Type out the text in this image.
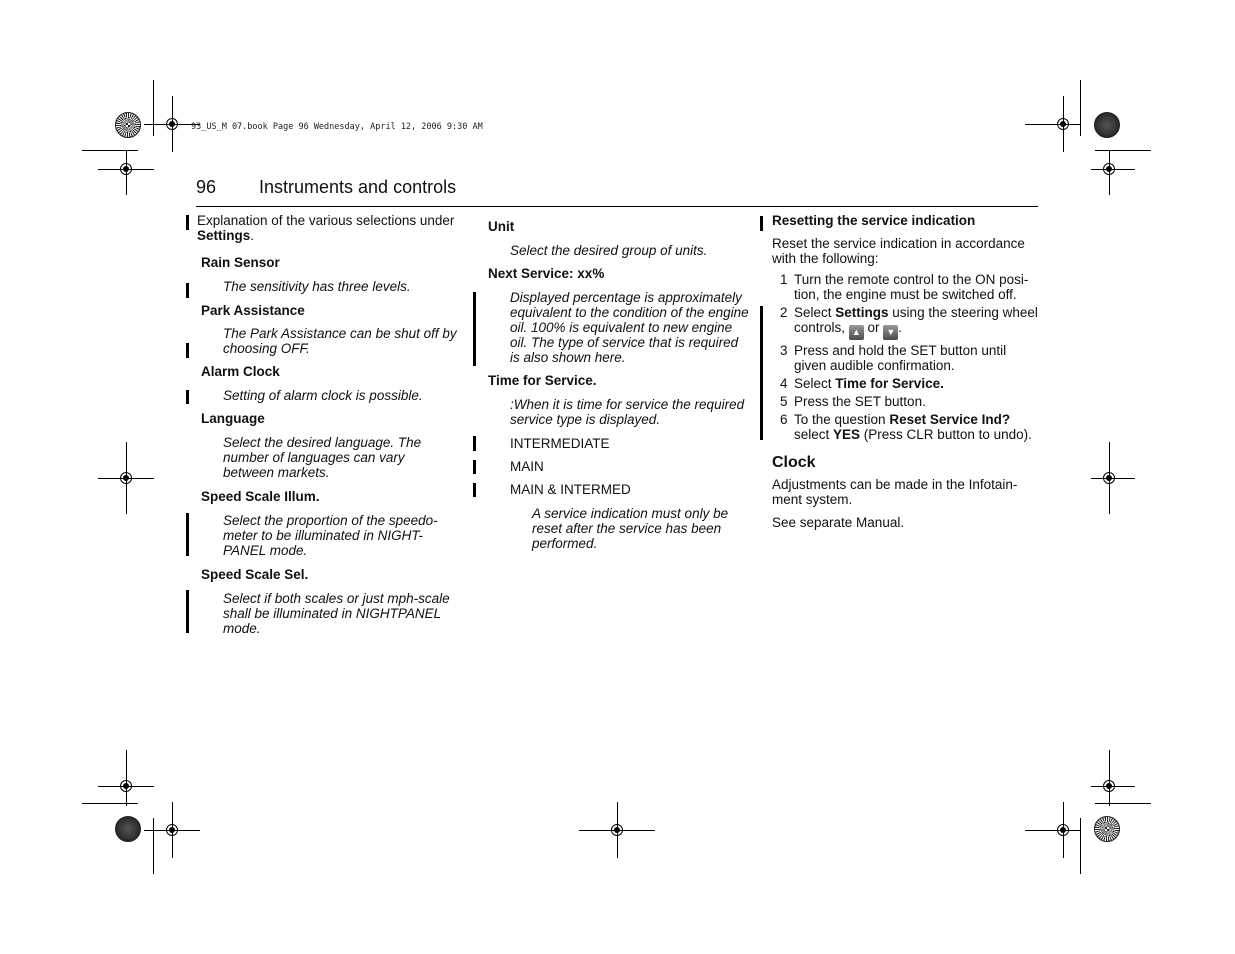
93_US_M 07.book Page 96 Wednesday, April 12, 2006 9:30 AM
96 Instruments and controls

Explanation of the various selections under Settings.

Rain Sensor

The sensitivity has three levels.

Park Assistance

The Park Assistance can be shut off by choosing OFF.

Alarm Clock

Setting of alarm clock is possible.

Language

Select the desired language. The number of languages can vary between markets.

Speed Scale Illum.

Select the proportion of the speedo-meter to be illuminated in NIGHT-PANEL mode.

Speed Scale Sel.

Select if both scales or just mph-scale shall be illuminated in NIGHTPANEL mode.

Unit

Select the desired group of units.

Next Service: xx%

Displayed percentage is approximately equivalent to the condition of the engine oil. 100% is equivalent to new engine oil. The type of service that is required is also shown here.

Time for Service.

:When it is time for service the required service type is displayed.

INTERMEDIATE

MAIN

MAIN & INTERMED

A service indication must only be reset after the service has been performed.

Resetting the service indication

Reset the service indication in accordance with the following:

1 Turn the remote control to the ON posi-tion, the engine must be switched off.
2 Select Settings using the steering wheel controls, ▲ or ▼ .
3 Press and hold the SET button until given audible confirmation.
4 Select Time for Service.
5 Press the SET button.
6 To the question Reset Service Ind? select YES (Press CLR button to undo).

Clock

Adjustments can be made in the Infotain-ment system.

See separate Manual.
